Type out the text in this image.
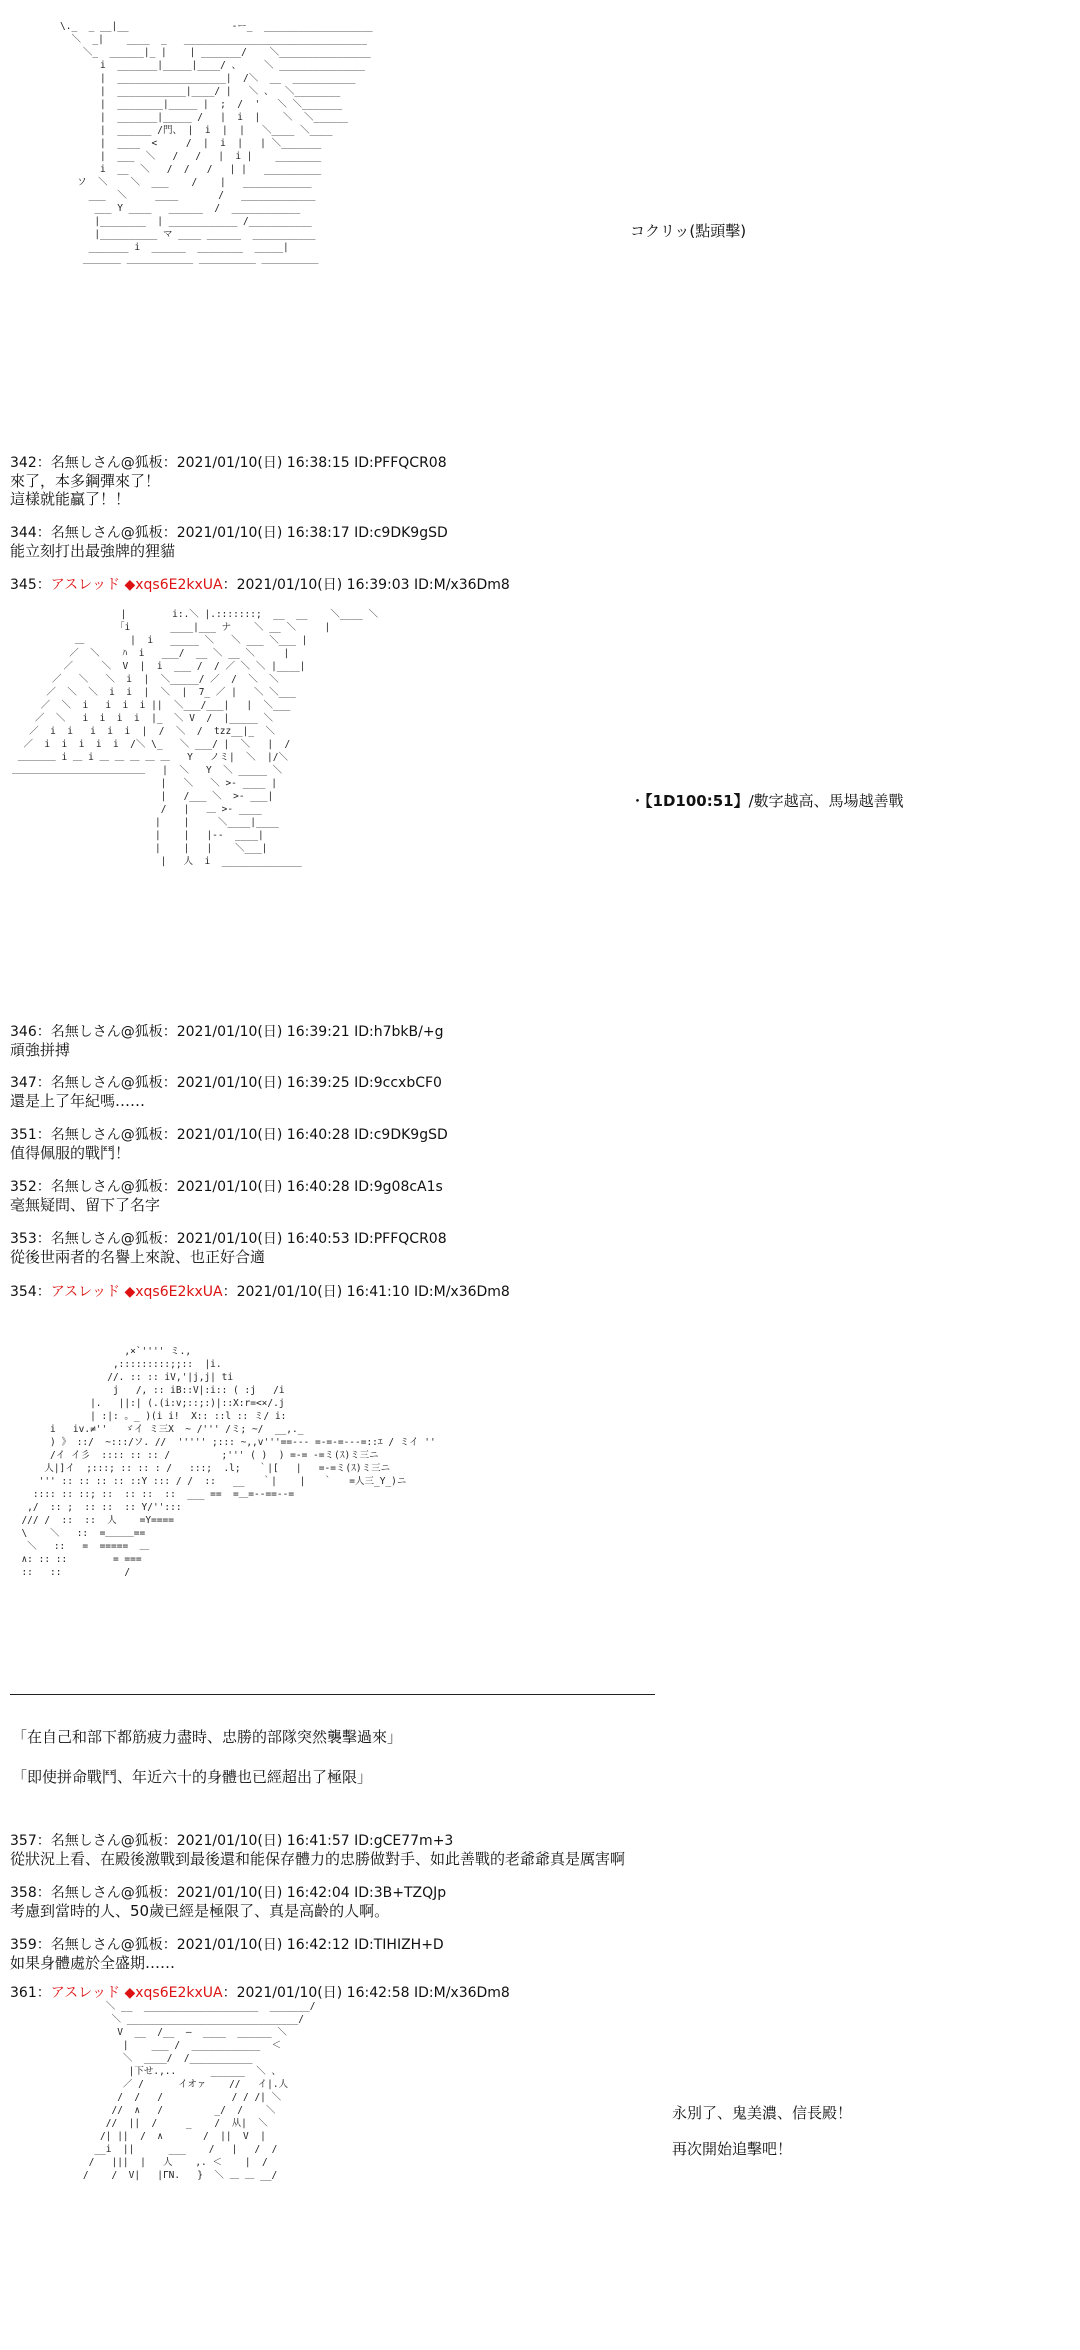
\._  _ __|__                  ‐ー_  ___________________
＼  _|    ____  _   ________________________________
＼_  ______|_ |    | _______/    ＼________________
i  _______|_____|____/ 、    ＼ _______________
|  ___________________|  /＼  __  ___________
|  ____________|____/ |   ＼ 、  ＼________
|  ________|_____ |  ;  /  '   ＼ ＼_______
|  _______|_____ /   |  i  |    ＼  ＼______
|  ______ /門、 |  i  |  |   ＼____ ＼____
|  ____  <     /  |  i  |   | ＼_______
|  ___  ＼   /   /   |  i |    ________
i  __  ＼   /  /   /   | |   __________
ソ  ＼    ＼  ___    /    |   ____________
___  ＼     ____       /   _____________
___ Y ____   ______  /  ____________
|________  | ____________ /___________
|__________ マ ____ ______  ___________
_______ i  ______  ________  _____|
＿＿＿＿ ＿＿＿＿＿＿＿ ＿＿＿＿＿＿ ＿＿＿＿＿＿
コクリッ(點頭擊)
342：名無しさん@狐板：2021/01/10(日) 16:38:15 ID:PFFQCR08
來了，本多鋼彈來了！
這樣就能贏了！！
344：名無しさん@狐板：2021/01/10(日) 16:38:17 ID:c9DK9gSD
能立刻打出最強牌的狸貓
345：アスレッド ◆xqs6E2kxUA：2021/01/10(日) 16:39:03 ID:M/x36Dm8
|        i:.＼ |.:::::::;  __  __    ＼____ ＼
「i       ____|___ ナ    ＼ __ ＼     |
＿        |  i   _____ ＼   ＼ ___ ＼___ |
／  ＼    ﾊ  i   ___/  __ ＼ __ ＼     |
／     ＼  V  |  i  ___ /  / ／ ＼ ＼ |____|
／   ＼   ＼  i  |  ＼_____/ ／  /  ＼  ＼
／  ＼  ＼  i  i  |  ＼  |  7_ ／ |   ＼ ＼___
／  ＼  i   i  i  i ||  ＼___/___|   |  ＼___
／  ＼   i  i  i  i  |_  ＼ V  /  |_____ ＼
／  i  i   i  i  i  |  /  ＼  /  tzz__|_  ＼
／  i  i  i  i  i  /＼ \_   ＼ ___/ |  ＼   |  /
＿＿＿＿ i ＿ i ＿ ＿ ＿ ＿ ＿   Y   ノミ|  ＼  |/＼
＿＿＿＿＿＿＿＿＿＿＿＿＿＿   |  ＼   Y  ＼ _____ ＼
|   ＼   ＼ >- ____ |
|   /___ ＼  >- ___|
/   |   ＿ >- ____
|    |     ＼____|____
|    |   |--  ____|
|    |   |    ＼___|
|   人  i  ______________
・【1D100:51】/數字越高、馬場越善戰
346：名無しさん@狐板：2021/01/10(日) 16:39:21 ID:h7bkB/+g
頑強拼搏
347：名無しさん@狐板：2021/01/10(日) 16:39:25 ID:9ccxbCF0
還是上了年紀嗎……
351：名無しさん@狐板：2021/01/10(日) 16:40:28 ID:c9DK9gSD
值得佩服的戰鬥！
352：名無しさん@狐板：2021/01/10(日) 16:40:28 ID:9g08cA1s
毫無疑問、留下了名字
353：名無しさん@狐板：2021/01/10(日) 16:40:53 ID:PFFQCR08
從後世兩者的名譽上來說、也正好合適
354：アスレッド ◆xqs6E2kxUA：2021/01/10(日) 16:41:10 ID:M/x36Dm8
,×`'''' ミ.,
,:::::::::;;::  |i.
//. :: :: iV,'|j,j| ti
j   /, :: iB::V|:i:: ( :j   /i
|.   ||:| (.(i:v;::;:)|::X:r=<×/.j
| :|: 。_ )(i i!  X:: ::l :: ミ/ i:
i   iv.≠''   ゞイ ミ三X  ~ /''' /ミ; ~/  __,._
) 》 ::/  ~:::/ソ. //  ''''' ;::: ~,,v'''==--- =-=-=---=::ｴ / ミイ ''
/イ イ彡  :::: :: :: /         ;''' ( )  ) =-= -=ミ(ｽ)ミ三ニ
人|]イ  ;:::; :: :: : /   :::;  .l;   ｀|[   |   =-=ミ(ｽ)ミ三ニ
''' :: :: :: :: ::Y ::: / /  ::   __   ｀|    |   ｀   =人三_Y_)ニ
:::: :: ::; ::  :: ::  ::  ___ ==  =＿=--==--=
,/  :: ;  :: ::  :: Y/'':::
/// /  ::  ::  人    =Y====
\    ＼   ::  =＿＿＿==
＼   ::   =  =====  ＿
∧: :: ::        = ===
::   ::           /
「在自己和部下都筋疲力盡時、忠勝的部隊突然襲擊過來」
「即使拼命戰鬥、年近六十的身體也已經超出了極限」
357：名無しさん@狐板：2021/01/10(日) 16:41:57 ID:gCE77m+3
從狀況上看、在殿後激戰到最後還和能保存體力的忠勝做對手、如此善戰的老爺爺真是厲害啊
358：名無しさん@狐板：2021/01/10(日) 16:42:04 ID:3B+TZQJp
考慮到當時的人、50歲已經是極限了、真是高齡的人啊。
359：名無しさん@狐板：2021/01/10(日) 16:42:12 ID:TIHIZH+D
如果身體處於全盛期……
361：アスレッド ◆xqs6E2kxUA：2021/01/10(日) 16:42:58 ID:M/x36Dm8
＼ __  ____________________  _______/
＼ ______________________________/
V  __  /__  ―  ____  ______ ＼
|    ___ /  ____________  ＜
＼  ____/  /___________
|下せ.,..      ______  ＼ 、
／ /      イオァ    //   イ|.人
/  /   /            / / /| ＼
//  ∧   /         _/  /    ＼
//  ||  /     _    /  从|  ＼
/| ||  /  ∧       /  ||  V  |
__i  ||      ___    /   |   /  /
/   |||  |   人    ,. ＜    |  /
/    /  V|   |ΓN.   }  ＼ ＿ ＿ __/
永別了、鬼美濃、信長殿！
再次開始追擊吧！
